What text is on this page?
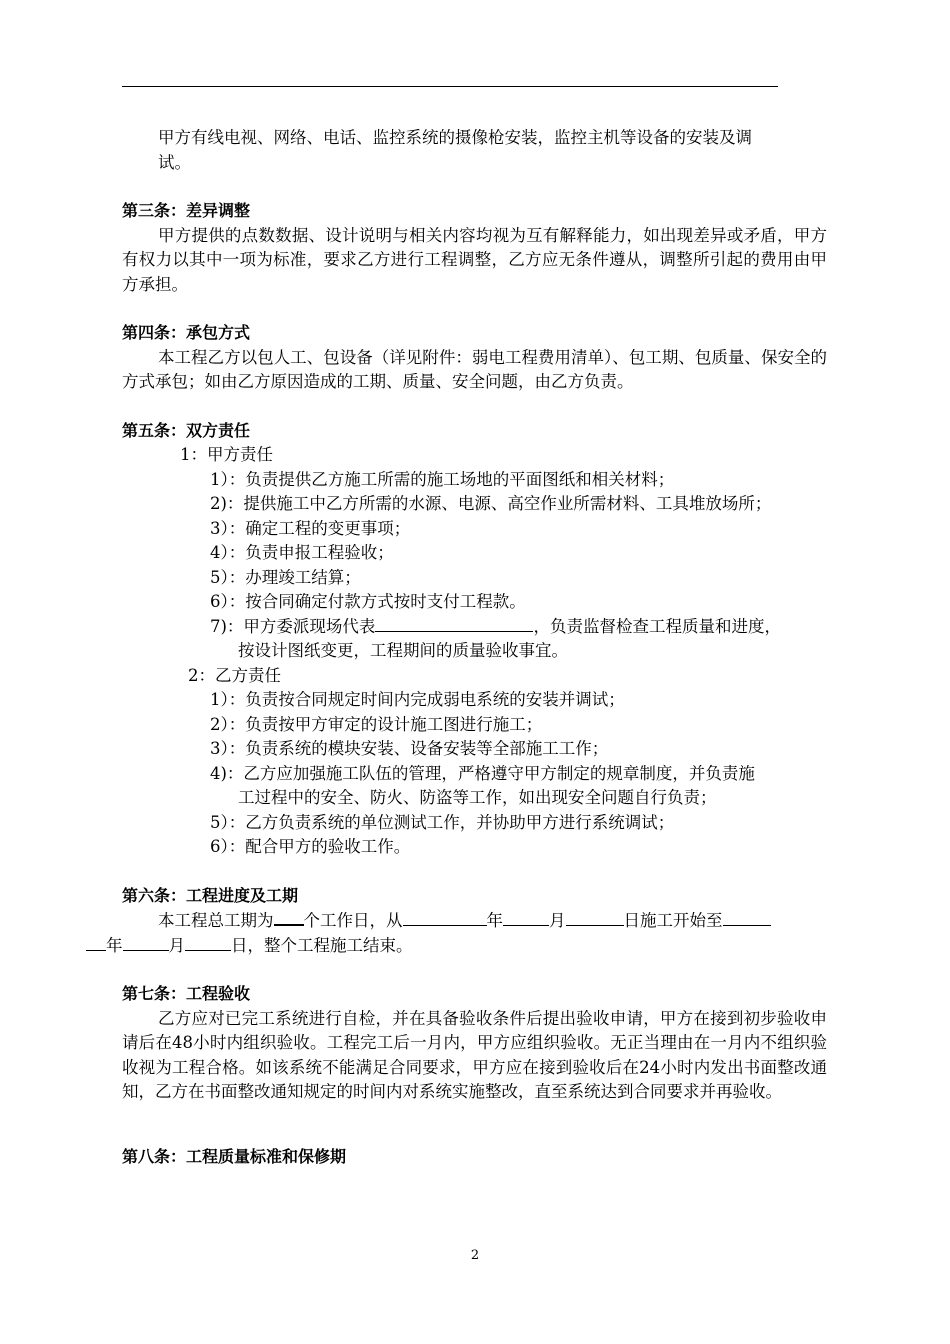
甲方有线电视、网络、电话、监控系统的摄像枪安装，监控主机等设备的安装及调
试。

第三条：差异调整

甲方提供的点数数据、设计说明与相关内容均视为互有解释能力，如出现差异或矛盾，甲方有权力以其中一项为标准，要求乙方进行工程调整，乙方应无条件遵从，调整所引起的费用由甲方承担。

第四条：承包方式

本工程乙方以包人工、包设备（详见附件：弱电工程费用清单）、包工期、包质量、保安全的方式承包；如由乙方原因造成的工期、质量、安全问题，由乙方负责。

第五条：双方责任

1：甲方责任

1）：负责提供乙方施工所需的施工场地的平面图纸和相关材料；

2)：提供施工中乙方所需的水源、电源、高空作业所需材料、工具堆放场所；

3）：确定工程的变更事项；

4）：负责申报工程验收；

5）：办理竣工结算；

6）：按合同确定付款方式按时支付工程款。

7)：甲方委派现场代表	，负责监督检查工程质量和进度，

按设计图纸变更，工程期间的质量验收事宜。

2：乙方责任

1）：负责按合同规定时间内完成弱电系统的安装并调试；

2）：负责按甲方审定的设计施工图进行施工；

3）：负责系统的模块安装、设备安装等全部施工工作；

4)：乙方应加强施工队伍的管理，严格遵守甲方制定的规章制度，并负责施

工过程中的安全、防火、防盗等工作，如出现安全问题自行负责；

5）：乙方负责系统的单位测试工作，并协助甲方进行系统调试；

6）：配合甲方的验收工作。

第六条：工程进度及工期

本工程总工期为 个工作日，从	年	月	日施工开始至
年	月	日，整个工程施工结束。

第七条：工程验收

乙方应对已完工系统进行自检，并在具备验收条件后提出验收申请，甲方在接到初步验收申请后在48小时内组织验收。工程完工后一月内，甲方应组织验收。无正当理由在一月内不组织验收视为工程合格。如该系统不能满足合同要求，甲方应在接到验收后在24小时内发出书面整改通知，乙方在书面整改通知规定的时间内对系统实施整改，直至系统达到合同要求并再验收。

第八条：工程质量标准和保修期

2
